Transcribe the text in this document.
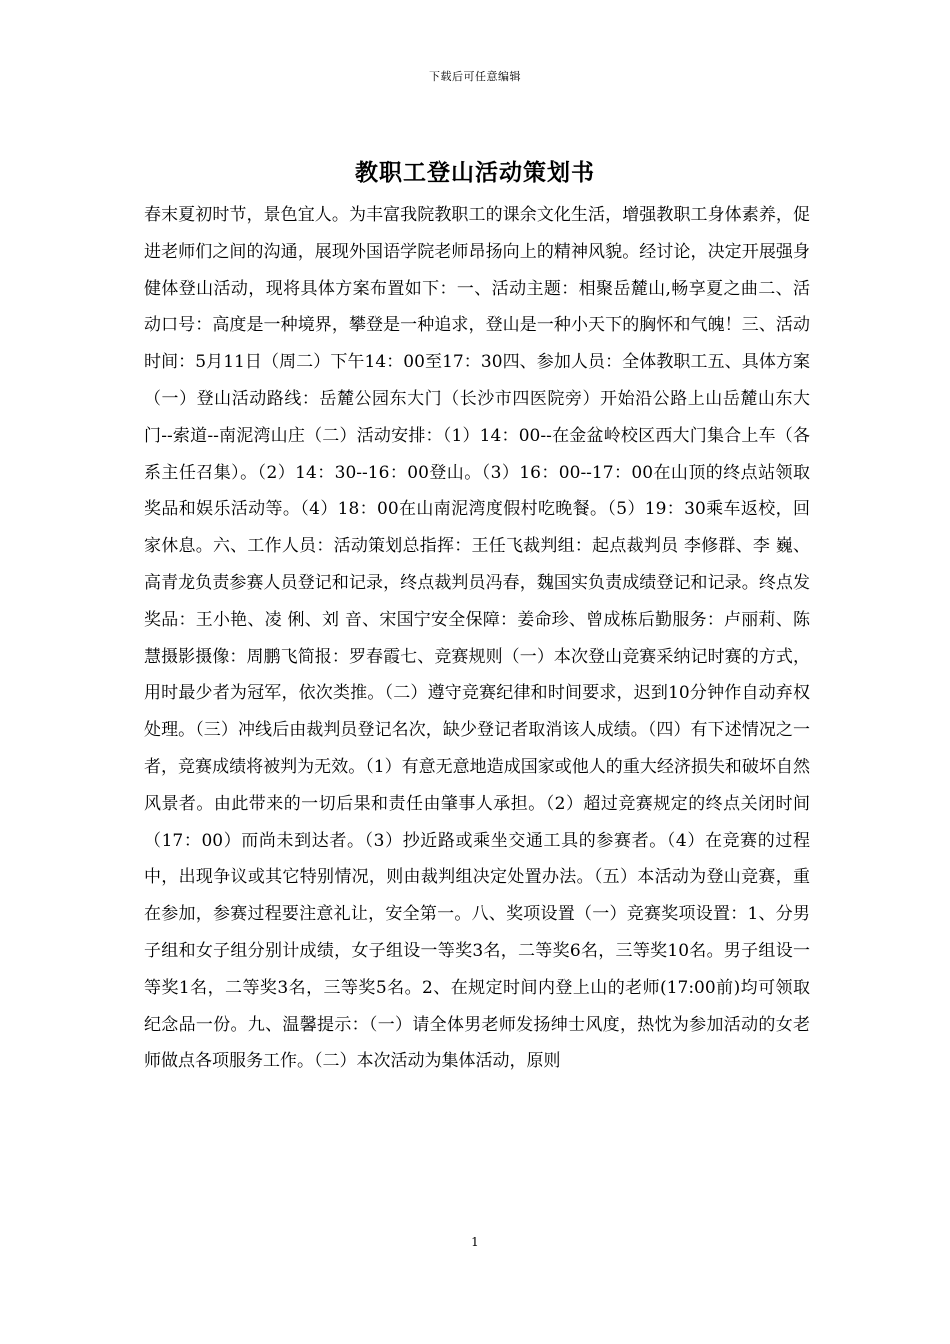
下载后可任意编辑
教职工登山活动策划书

春末夏初时节，景色宜人。为丰富我院教职工的课余文化生活，增强教职工身体素养，促进老师们之间的沟通，展现外国语学院老师昂扬向上的精神风貌。经讨论，决定开展强身健体登山活动，现将具体方案布置如下：一、活动主题：相聚岳麓山,畅享夏之曲二、活动口号：高度是一种境界，攀登是一种追求，登山是一种小天下的胸怀和气魄！三、活动时间：5月11日（周二）下午14：00至17：30四、参加人员：全体教职工五、具体方案（一）登山活动路线：岳麓公园东大门（长沙市四医院旁）开始沿公路上山岳麓山东大门--索道--南泥湾山庄（二）活动安排：（1）14：00--在金盆岭校区西大门集合上车（各系主任召集）。（2）14：30--16：00登山。（3）16：00--17：00在山顶的终点站领取奖品和娱乐活动等。（4）18：00在山南泥湾度假村吃晚餐。（5）19：30乘车返校，回家休息。六、工作人员：活动策划总指挥：王任飞裁判组：起点裁判员 李修群、李 巍、高青龙负责参赛人员登记和记录，终点裁判员冯春，魏国实负责成绩登记和记录。终点发奖品：王小艳、凌 俐、刘 音、宋国宁安全保障：姜命珍、曾成栋后勤服务：卢丽莉、陈 慧摄影摄像：周鹏飞简报：罗春霞七、竞赛规则（一）本次登山竞赛采纳记时赛的方式，用时最少者为冠军，依次类推。（二）遵守竞赛纪律和时间要求，迟到10分钟作自动弃权处理。（三）冲线后由裁判员登记名次，缺少登记者取消该人成绩。（四）有下述情况之一者，竞赛成绩将被判为无效。（1）有意无意地造成国家或他人的重大经济损失和破坏自然风景者。由此带来的一切后果和责任由肇事人承担。（2）超过竞赛规定的终点关闭时间（17：00）而尚未到达者。（3）抄近路或乘坐交通工具的参赛者。（4）在竞赛的过程中，出现争议或其它特别情况，则由裁判组决定处置办法。（五）本活动为登山竞赛，重在参加，参赛过程要注意礼让，安全第一。八、奖项设置（一）竞赛奖项设置：1、分男子组和女子组分别计成绩，女子组设一等奖3名，二等奖6名，三等奖10名。男子组设一等奖1名，二等奖3名，三等奖5名。2、在规定时间内登上山的老师(17:00前)均可领取纪念品一份。九、温馨提示：（一）请全体男老师发扬绅士风度，热忱为参加活动的女老师做点各项服务工作。（二）本次活动为集体活动，原则

1
